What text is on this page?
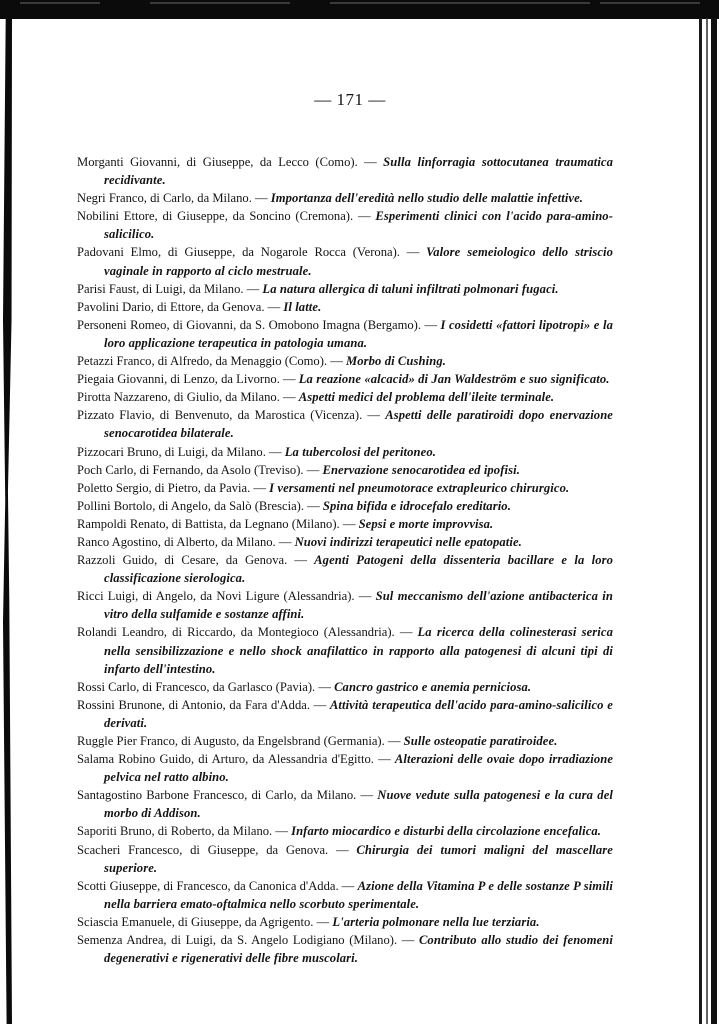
— 171 —

Morganti Giovanni, di Giuseppe, da Lecco (Como). — Sulla linforragia sottocutanea traumatica recidivante.

Negri Franco, di Carlo, da Milano. — Importanza dell'eredità nello studio delle malattie infettive.

Nobilini Ettore, di Giuseppe, da Soncino (Cremona). — Esperimenti clinici con l'acido para-amino-salicilico.

Padovani Elmo, di Giuseppe, da Nogarole Rocca (Verona). — Valore semeiologico dello striscio vaginale in rapporto al ciclo mestruale.

Parisi Faust, di Luigi, da Milano. — La natura allergica di taluni infiltrati polmonari fugaci.

Pavolini Dario, di Ettore, da Genova. — Il latte.

Personeni Romeo, di Giovanni, da S. Omobono Imagna (Bergamo). — I cosidetti «fattori lipotropi» e la loro applicazione terapeutica in patologia umana.

Petazzi Franco, di Alfredo, da Menaggio (Como). — Morbo di Cushing.

Piegaia Giovanni, di Lenzo, da Livorno. — La reazione «alcacid» di Jan Waldeström e suo significato.

Pirotta Nazzareno, di Giulio, da Milano. — Aspetti medici del problema dell'ileite terminale.

Pizzato Flavio, di Benvenuto, da Marostica (Vicenza). — Aspetti delle paratiroidi dopo enervazione senocarotidea bilaterale.

Pizzocari Bruno, di Luigi, da Milano. — La tubercolosi del peritoneo.

Poch Carlo, di Fernando, da Asolo (Treviso). — Enervazione senocarotidea ed ipofisi.

Poletto Sergio, di Pietro, da Pavia. — I versamenti nel pneumotorace extrapleurico chirurgico.

Pollini Bortolo, di Angelo, da Salò (Brescia). — Spina bifida e idrocefalo ereditario.

Rampoldi Renato, di Battista, da Legnano (Milano). — Sepsi e morte improvvisa.

Ranco Agostino, di Alberto, da Milano. — Nuovi indirizzi terapeutici nelle epatopatie.

Razzoli Guido, di Cesare, da Genova. — Agenti Patogeni della dissenteria bacillare e la loro classificazione sierologica.

Ricci Luigi, di Angelo, da Novi Ligure (Alessandria). — Sul meccanismo dell'azione antibacterica in vitro della sulfamide e sostanze affini.

Rolandi Leandro, di Riccardo, da Montegioco (Alessandria). — La ricerca della colinesterasi serica nella sensibilizzazione e nello shock anafilattico in rapporto alla patogenesi di alcuni tipi di infarto dell'intestino.

Rossi Carlo, di Francesco, da Garlasco (Pavia). — Cancro gastrico e anemia perniciosa.

Rossini Brunone, di Antonio, da Fara d'Adda. — Attività terapeutica dell'acido para-amino-salicilico e derivati.

Ruggle Pier Franco, di Augusto, da Engelsbrand (Germania). — Sulle osteopatie paratiroidee.

Salama Robino Guido, di Arturo, da Alessandria d'Egitto. — Alterazioni delle ovaie dopo irradiazione pelvica nel ratto albino.

Santagostino Barbone Francesco, di Carlo, da Milano. — Nuove vedute sulla patogenesi e la cura del morbo di Addison.

Saporiti Bruno, di Roberto, da Milano. — Infarto miocardico e disturbi della circolazione encefalica.

Scacheri Francesco, di Giuseppe, da Genova. — Chirurgia dei tumori maligni del mascellare superiore.

Scotti Giuseppe, di Francesco, da Canonica d'Adda. — Azione della Vitamina P e delle sostanze P simili nella barriera emato-oftalmica nello scorbuto sperimentale.

Sciascia Emanuele, di Giuseppe, da Agrigento. — L'arteria polmonare nella lue terziaria.

Semenza Andrea, di Luigi, da S. Angelo Lodigiano (Milano). — Contributo allo studio dei fenomeni degenerativi e rigenerativi delle fibre muscolari.
